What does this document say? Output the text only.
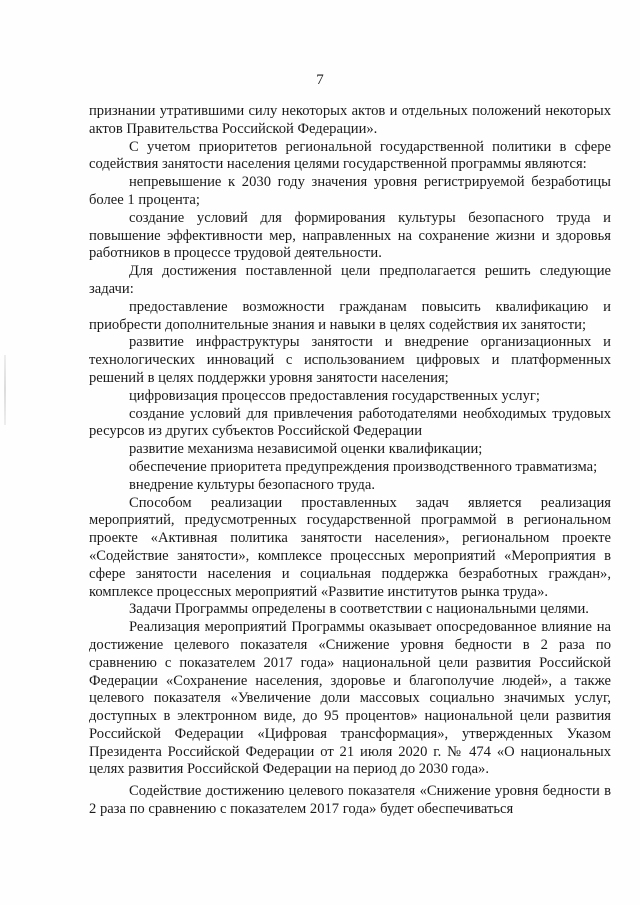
7

признании утратившими силу некоторых актов и отдельных положений некоторых актов Правительства Российской Федерации».

С учетом приоритетов региональной государственной политики в сфере содействия занятости населения целями государственной программы являются:

непревышение к 2030 году значения уровня регистрируемой безработицы более 1 процента;

создание условий для формирования культуры безопасного труда и повышение эффективности мер, направленных на сохранение жизни и здоровья работников в процессе трудовой деятельности.

Для достижения поставленной цели предполагается решить следующие задачи:

предоставление возможности гражданам повысить квалификацию и приобрести дополнительные знания и навыки в целях содействия их занятости;

развитие инфраструктуры занятости и внедрение организационных и технологических инноваций с использованием цифровых и платформенных решений в целях поддержки уровня занятости населения;

цифровизация процессов предоставления государственных услуг;

создание условий для привлечения работодателями необходимых трудовых ресурсов из других субъектов Российской Федерации

развитие механизма независимой оценки квалификации;

обеспечение приоритета предупреждения производственного травматизма;

внедрение культуры безопасного труда.

Способом реализации проставленных задач является реализация мероприятий, предусмотренных государственной программой в региональном проекте «Активная политика занятости населения», региональном проекте «Содействие занятости», комплексе процессных мероприятий «Мероприятия в сфере занятости населения и социальная поддержка безработных граждан», комплексе процессных мероприятий «Развитие институтов рынка труда».

Задачи Программы определены в соответствии с национальными целями.

Реализация мероприятий Программы оказывает опосредованное влияние на достижение целевого показателя «Снижение уровня бедности в 2 раза по сравнению с показателем 2017 года» национальной цели развития Российской Федерации «Сохранение населения, здоровье и благополучие людей», а также целевого показателя «Увеличение доли массовых социально значимых услуг, доступных в электронном виде, до 95 процентов» национальной цели развития Российской Федерации «Цифровая трансформация», утвержденных Указом Президента Российской Федерации от 21 июля 2020 г. № 474 «О национальных целях развития Российской Федерации на период до 2030 года».

Содействие достижению целевого показателя «Снижение уровня бедности в 2 раза по сравнению с показателем 2017 года» будет обеспечиваться
